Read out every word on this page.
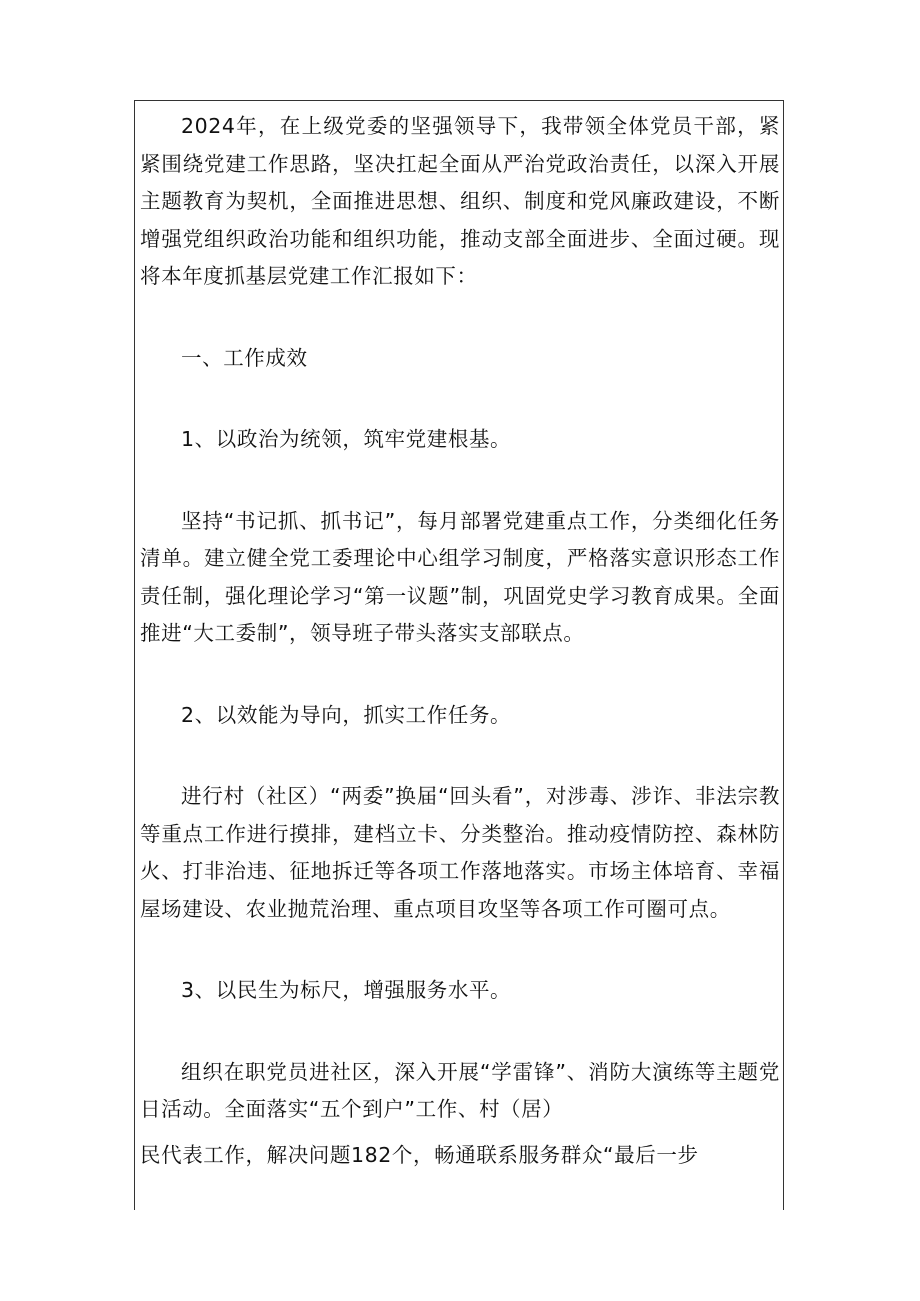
2024年，在上级党委的坚强领导下，我带领全体党员干部，紧紧围绕党建工作思路，坚决扛起全面从严治党政治责任，以深入开展主题教育为契机，全面推进思想、组织、制度和党风廉政建设，不断增强党组织政治功能和组织功能，推动支部全面进步、全面过硬。现将本年度抓基层党建工作汇报如下：

一、工作成效

1、以政治为统领，筑牢党建根基。

坚持“书记抓、抓书记”，每月部署党建重点工作，分类细化任务清单。建立健全党工委理论中心组学习制度，严格落实意识形态工作责任制，强化理论学习“第一议题”制，巩固党史学习教育成果。全面推进“大工委制”，领导班子带头落实支部联点。

2、以效能为导向，抓实工作任务。

进行村（社区）“两委”换届“回头看”，对涉毒、涉诈、非法宗教等重点工作进行摸排，建档立卡、分类整治。推动疫情防控、森林防火、打非治违、征地拆迁等各项工作落地落实。市场主体培育、幸福屋场建设、农业抛荒治理、重点项目攻坚等各项工作可圈可点。

3、以民生为标尺，增强服务水平。

组织在职党员进社区，深入开展“学雷锋”、消防大演练等主题党日活动。全面落实“五个到户”工作、村（居）

民代表工作，解决问题182个，畅通联系服务群众“最后一步
